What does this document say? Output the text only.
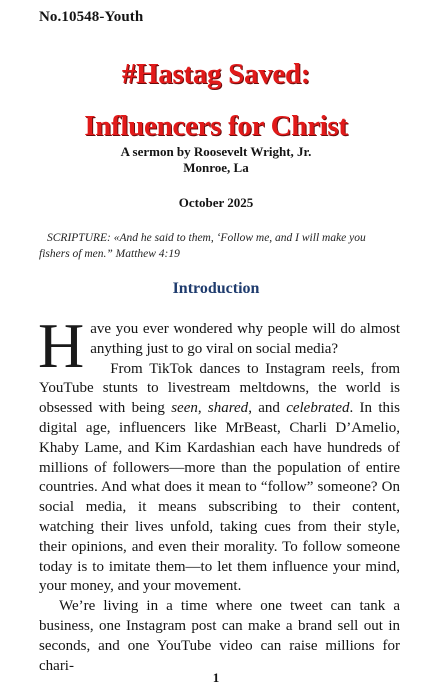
No.10548-Youth
#Hastag Saved:
Influencers for Christ
A sermon by Roosevelt Wright, Jr.
Monroe, La
October 2025
SCRIPTURE: «And he said to them, ‘Follow me, and I will make you fishers of men.” Matthew 4:19
Introduction

Have you ever wondered why people will do almost anything just to go viral on social media?

From TikTok dances to Instagram reels, from YouTube stunts to livestream meltdowns, the world is obsessed with being seen, shared, and celebrated. In this digital age, influencers like MrBeast, Charli D’Amelio, Khaby Lame, and Kim Kardashian each have hundreds of millions of followers—more than the population of entire countries. And what does it mean to “follow” someone? On social media, it means subscribing to their content, watching their lives unfold, taking cues from their style, their opinions, and even their morality. To follow someone today is to imitate them—to let them influence your mind, your money, and your movement.

We’re living in a time where one tweet can tank a business, one Instagram post can make a brand sell out in seconds, and one YouTube video can raise millions for chari-

1
